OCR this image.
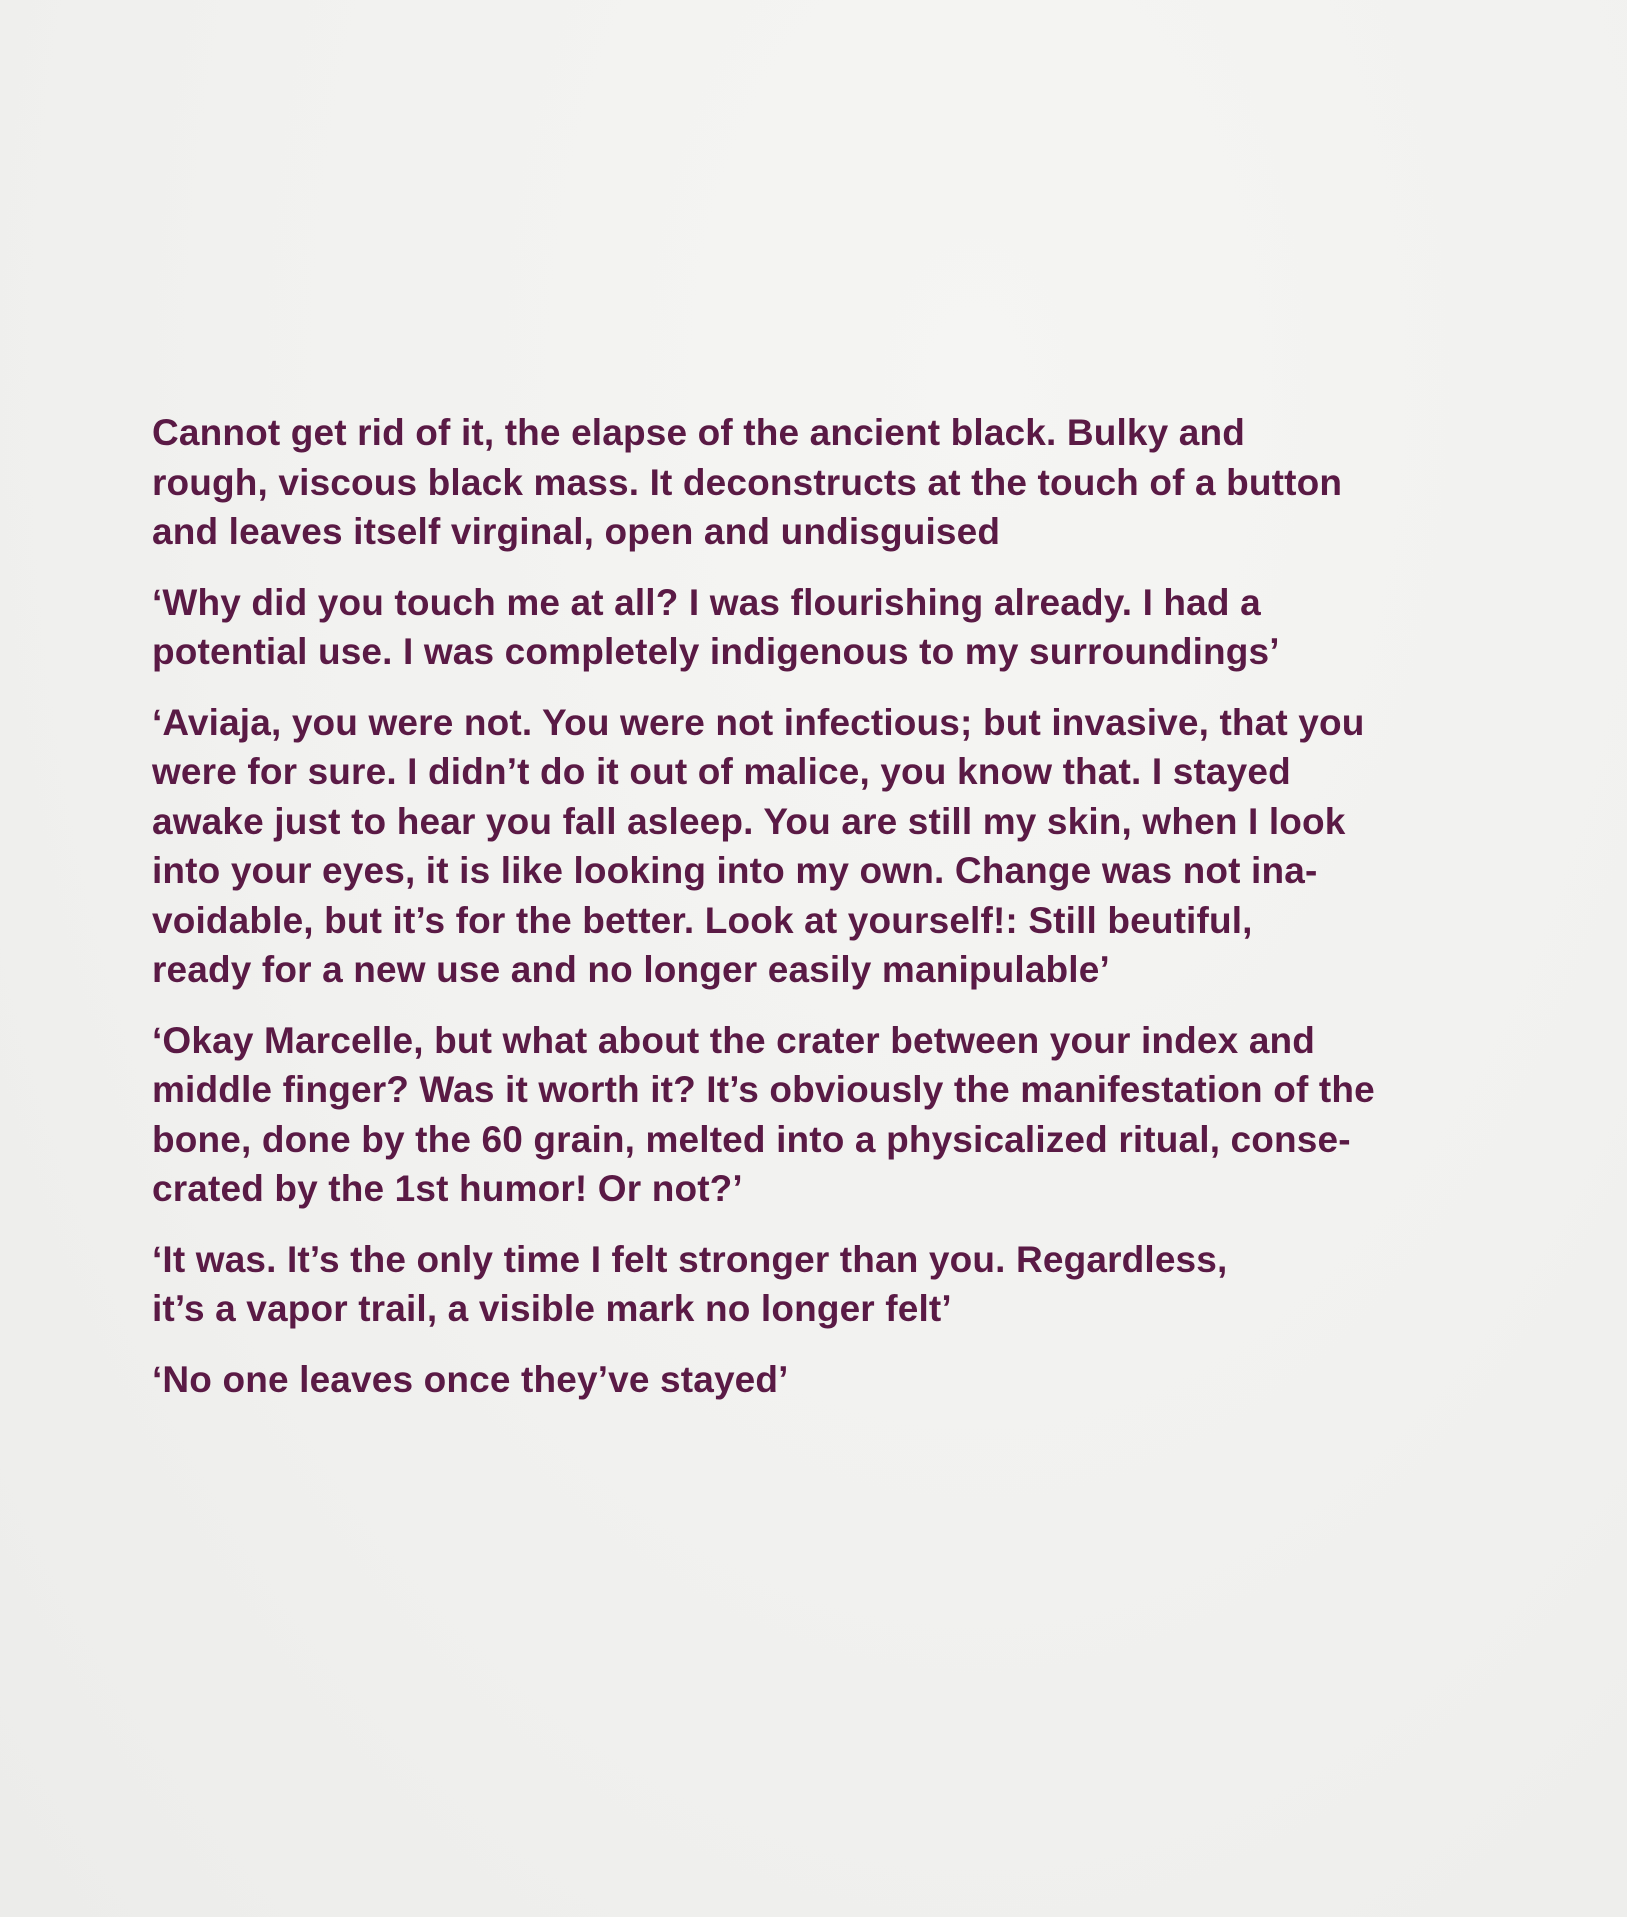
Cannot get rid of it, the elapse of the ancient black. Bulky and
rough, viscous black mass. It deconstructs at the touch of a button
and leaves itself virginal, open and undisguised

‘Why did you touch me at all? I was flourishing already. I had a
potential use. I was completely indigenous to my surroundings’

‘Aviaja, you were not. You were not infectious; but invasive, that you
were for sure. I didn’t do it out of malice, you know that. I stayed
awake just to hear you fall asleep. You are still my skin, when I look
into your eyes, it is like looking into my own. Change was not ina-
voidable, but it’s for the better. Look at yourself!: Still beutiful,
ready for a new use and no longer easily manipulable’

‘Okay Marcelle, but what about the crater between your index and
middle finger? Was it worth it? It’s obviously the manifestation of the
bone, done by the 60 grain, melted into a physicalized ritual, conse-
crated by the 1st humor! Or not?’

‘It was. It’s the only time I felt stronger than you. Regardless,
it’s a vapor trail, a visible mark no longer felt’

‘No one leaves once they’ve stayed’
